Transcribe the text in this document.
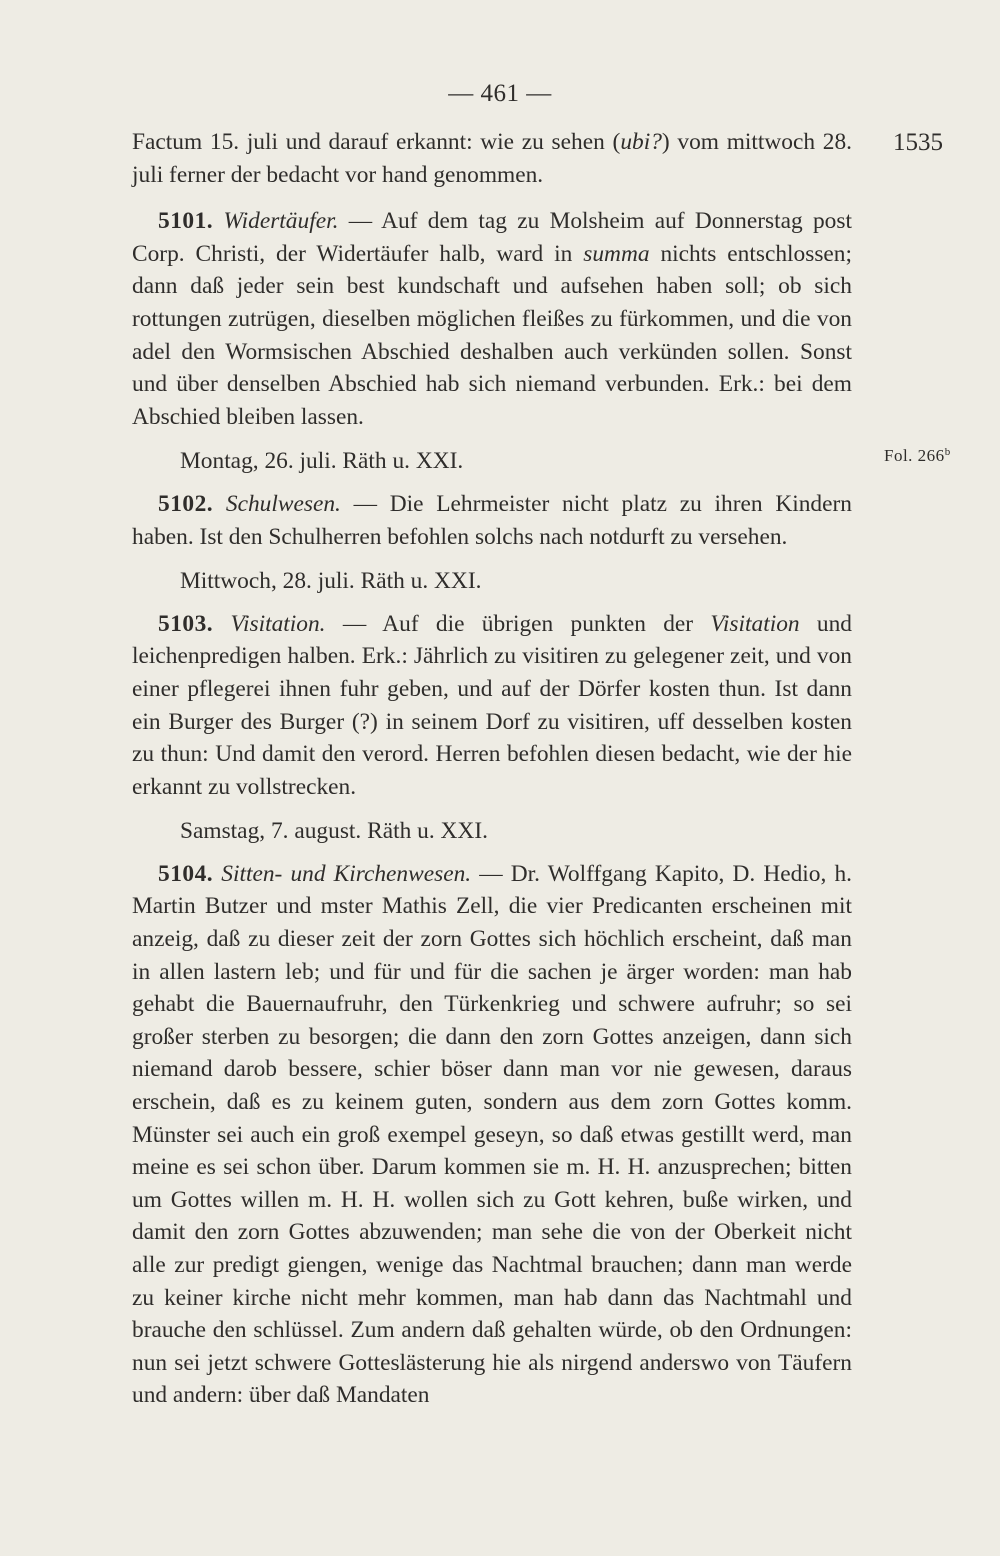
— 461 —
1535
Fol. 266$^b$

Factum 15. juli und darauf erkannt: wie zu sehen (ubi?) vom mittwoch 28. juli ferner der bedacht vor hand genommen.

5101. Widertäufer. — Auf dem tag zu Molsheim auf Donnerstag post Corp. Christi, der Widertäufer halb, ward in summa nichts entschlossen; dann daß jeder sein best kundschaft und aufsehen haben soll; ob sich rottungen zutrügen, dieselben möglichen fleißes zu fürkommen, und die von adel den Wormsischen Abschied deshalben auch verkünden sollen. Sonst und über denselben Abschied hab sich niemand verbunden. Erk.: bei dem Abschied bleiben lassen.

Montag, 26. juli. Räth u. XXI.

5102. Schulwesen. — Die Lehrmeister nicht platz zu ihren Kindern haben. Ist den Schulherren befohlen solchs nach notdurft zu versehen.

Mittwoch, 28. juli. Räth u. XXI.

5103. Visitation. — Auf die übrigen punkten der Visitation und leichenpredigen halben. Erk.: Jährlich zu visitiren zu gelegener zeit, und von einer pflegerei ihnen fuhr geben, und auf der Dörfer kosten thun. Ist dann ein Burger des Burger (?) in seinem Dorf zu visitiren, uff desselben kosten zu thun: Und damit den verord. Herren befohlen diesen bedacht, wie der hie erkannt zu vollstrecken.

Samstag, 7. august. Räth u. XXI.

5104. Sitten- und Kirchenwesen. — Dr. Wolffgang Kapito, D. Hedio, h. Martin Butzer und mster Mathis Zell, die vier Predicanten erscheinen mit anzeig, daß zu dieser zeit der zorn Gottes sich höchlich erscheint, daß man in allen lastern leb; und für und für die sachen je ärger worden: man hab gehabt die Bauernaufruhr, den Türkenkrieg und schwere aufruhr; so sei großer sterben zu besorgen; die dann den zorn Gottes anzeigen, dann sich niemand darob bessere, schier böser dann man vor nie gewesen, daraus erschein, daß es zu keinem guten, sondern aus dem zorn Gottes komm. Münster sei auch ein groß exempel geseyn, so daß etwas gestillt werd, man meine es sei schon über. Darum kommen sie m. H. H. anzusprechen; bitten um Gottes willen m. H. H. wollen sich zu Gott kehren, buße wirken, und damit den zorn Gottes abzuwenden; man sehe die von der Oberkeit nicht alle zur predigt giengen, wenige das Nachtmal brauchen; dann man werde zu keiner kirche nicht mehr kommen, man hab dann das Nachtmahl und brauche den schlüssel. Zum andern daß gehalten würde, ob den Ordnungen: nun sei jetzt schwere Gotteslästerung hie als nirgend anderswo von Täufern und andern: über daß Mandaten
